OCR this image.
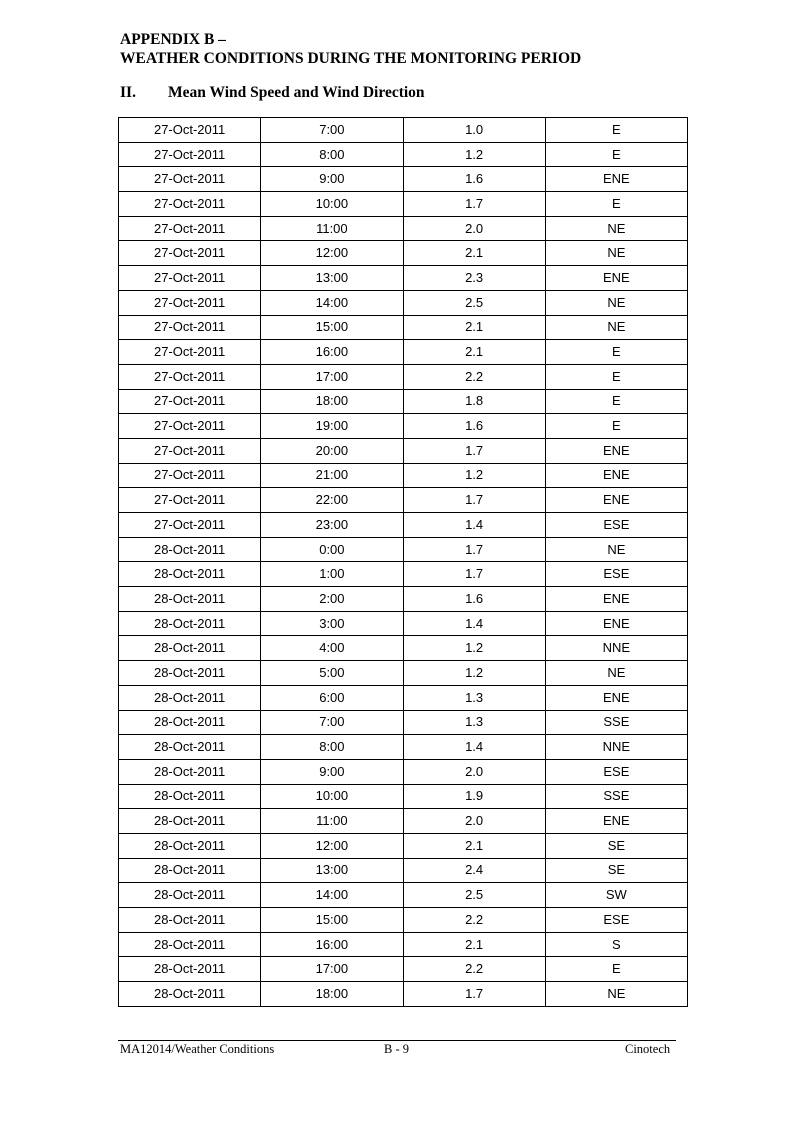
APPENDIX B –
WEATHER CONDITIONS DURING THE MONITORING PERIOD
II. Mean Wind Speed and Wind Direction
27-Oct-2011	7:00	1.0	E
27-Oct-2011	8:00	1.2	E
27-Oct-2011	9:00	1.6	ENE
27-Oct-2011	10:00	1.7	E
27-Oct-2011	11:00	2.0	NE
27-Oct-2011	12:00	2.1	NE
27-Oct-2011	13:00	2.3	ENE
27-Oct-2011	14:00	2.5	NE
27-Oct-2011	15:00	2.1	NE
27-Oct-2011	16:00	2.1	E
27-Oct-2011	17:00	2.2	E
27-Oct-2011	18:00	1.8	E
27-Oct-2011	19:00	1.6	E
27-Oct-2011	20:00	1.7	ENE
27-Oct-2011	21:00	1.2	ENE
27-Oct-2011	22:00	1.7	ENE
27-Oct-2011	23:00	1.4	ESE
28-Oct-2011	0:00	1.7	NE
28-Oct-2011	1:00	1.7	ESE
28-Oct-2011	2:00	1.6	ENE
28-Oct-2011	3:00	1.4	ENE
28-Oct-2011	4:00	1.2	NNE
28-Oct-2011	5:00	1.2	NE
28-Oct-2011	6:00	1.3	ENE
28-Oct-2011	7:00	1.3	SSE
28-Oct-2011	8:00	1.4	NNE
28-Oct-2011	9:00	2.0	ESE
28-Oct-2011	10:00	1.9	SSE
28-Oct-2011	11:00	2.0	ENE
28-Oct-2011	12:00	2.1	SE
28-Oct-2011	13:00	2.4	SE
28-Oct-2011	14:00	2.5	SW
28-Oct-2011	15:00	2.2	ESE
28-Oct-2011	16:00	2.1	S
28-Oct-2011	17:00	2.2	E
28-Oct-2011	18:00	1.7	NE
MA12014/Weather Conditions	B - 9	Cinotech
